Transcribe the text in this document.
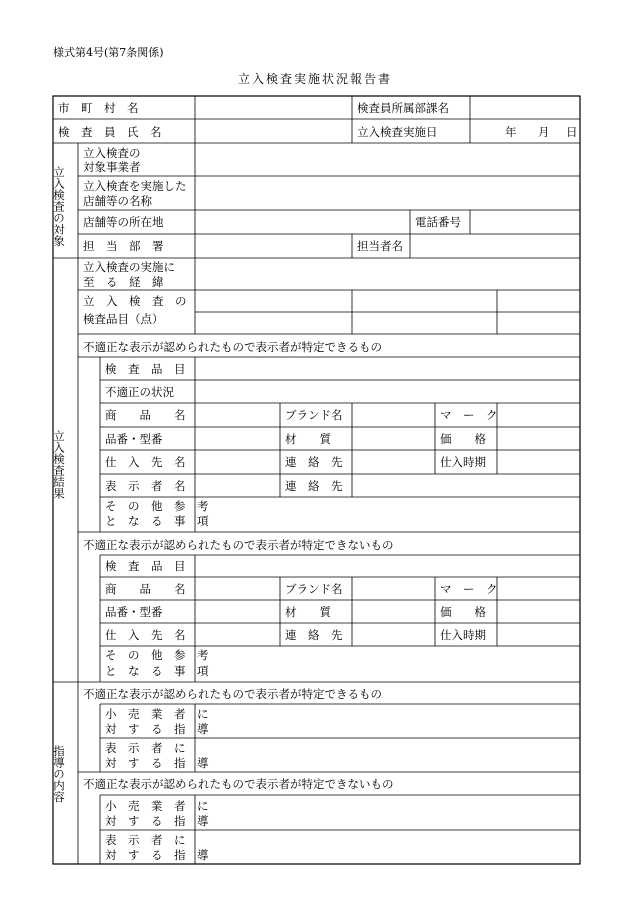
様式第4号(第7条関係)
立入検査実施状況報告書
市　町　村　名	検査員所属部課名
検　査　員　氏　名	立入検査実施日	年 月 日
立入検査の対象
立入検査の
対象事業者
立入検査を実施した
店舗等の名称
店舗等の所在地	電話番号
担　当　部　署	担当者名
立入検査結果
立入検査の実施に
至　る　経　緯
立　入　検　査　の
検査品目（点）
不適正な表示が認められたもので表示者が特定できるもの
検　査　品　目
不適正の状況
商　　品　　名	ブランド名	マ　ー　ク
品番・型番	材　　質	価　　格
仕　入　先　名	連　絡　先	仕入時期
表　示　者　名	連　絡　先
そ　の　他　参　考
と　な　る　事　項
不適正な表示が認められたもので表示者が特定できないもの
検　査　品　目
商　　品　　名	ブランド名	マ　ー　ク
品番・型番	材　　質	価　　格
仕　入　先　名	連　絡　先	仕入時期
そ　の　他　参　考
と　な　る　事　項
指導の内容
不適正な表示が認められたもので表示者が特定できるもの
小　売　業　者　に
対　す　る　指　導
表　示　者　に
対　す　る　指　導
不適正な表示が認められたもので表示者が特定できないもの
小　売　業　者　に
対　す　る　指　導
表　示　者　に
対　す　る　指　導
